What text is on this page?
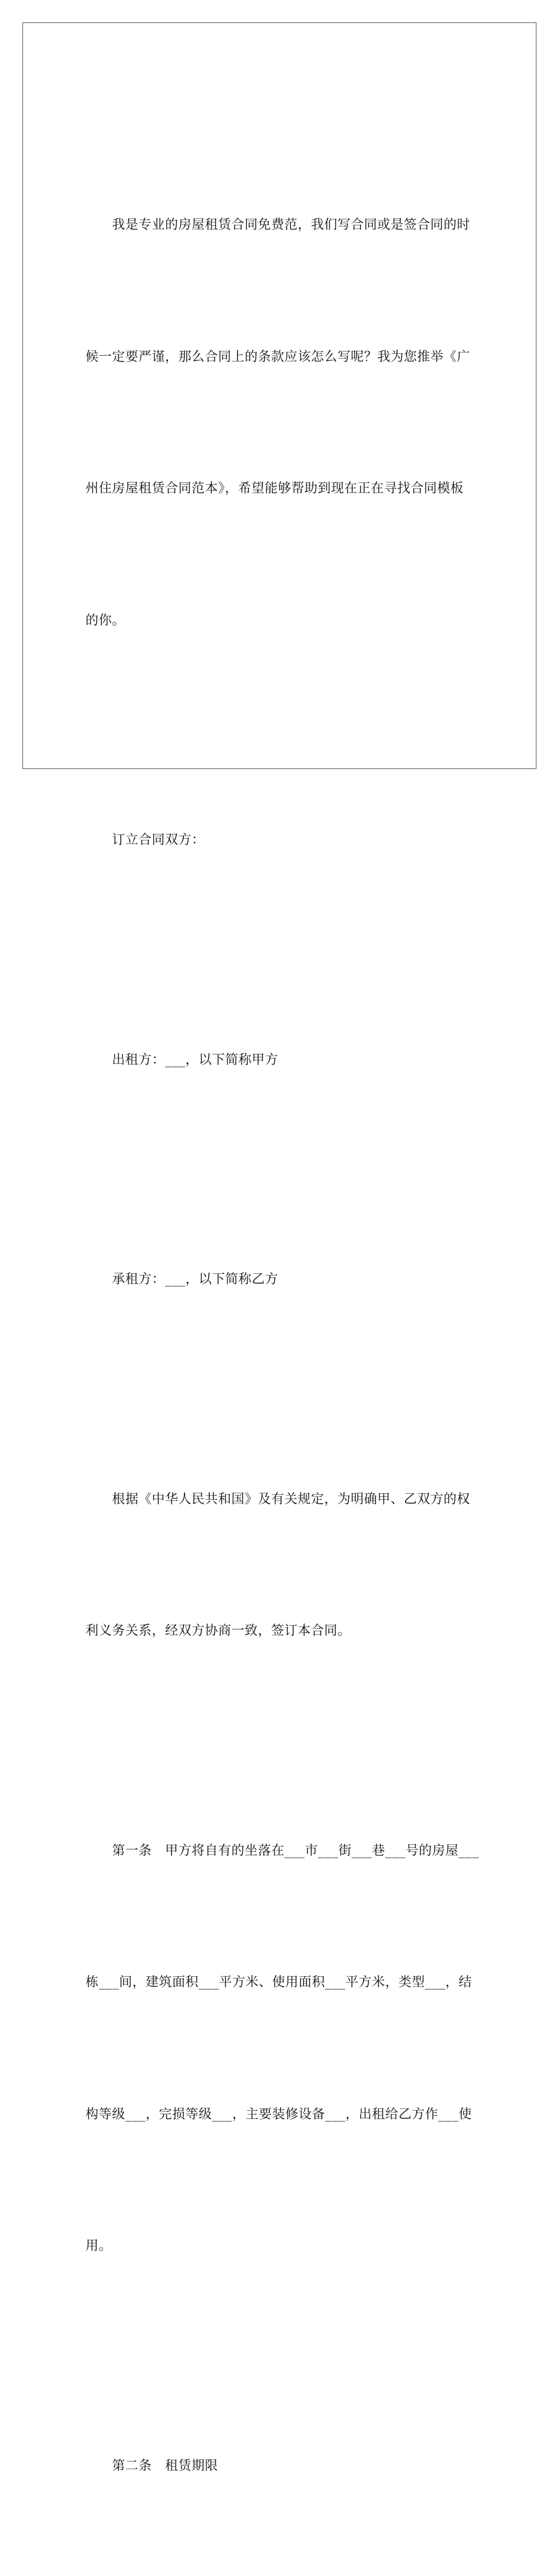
我是专业的房屋租赁合同免费范，我们写合同或是签合同的时

候一定要严谨，那么合同上的条款应该怎么写呢？我为您推举《广

州住房屋租赁合同范本》，希望能够帮助到现在正在寻找合同模板

的你。

订立合同双方：

出租方：___，以下简称甲方

承租方：___，以下简称乙方

根据《中华人民共和国》及有关规定，为明确甲、乙双方的权

利义务关系，经双方协商一致，签订本合同。

第一条　甲方将自有的坐落在___市___街___巷___号的房屋___

栋___间，建筑面积___平方米、使用面积___平方米，类型___，结

构等级___，完损等级___，主要装修设备___，出租给乙方作___使

用。

第二条　租赁期限
